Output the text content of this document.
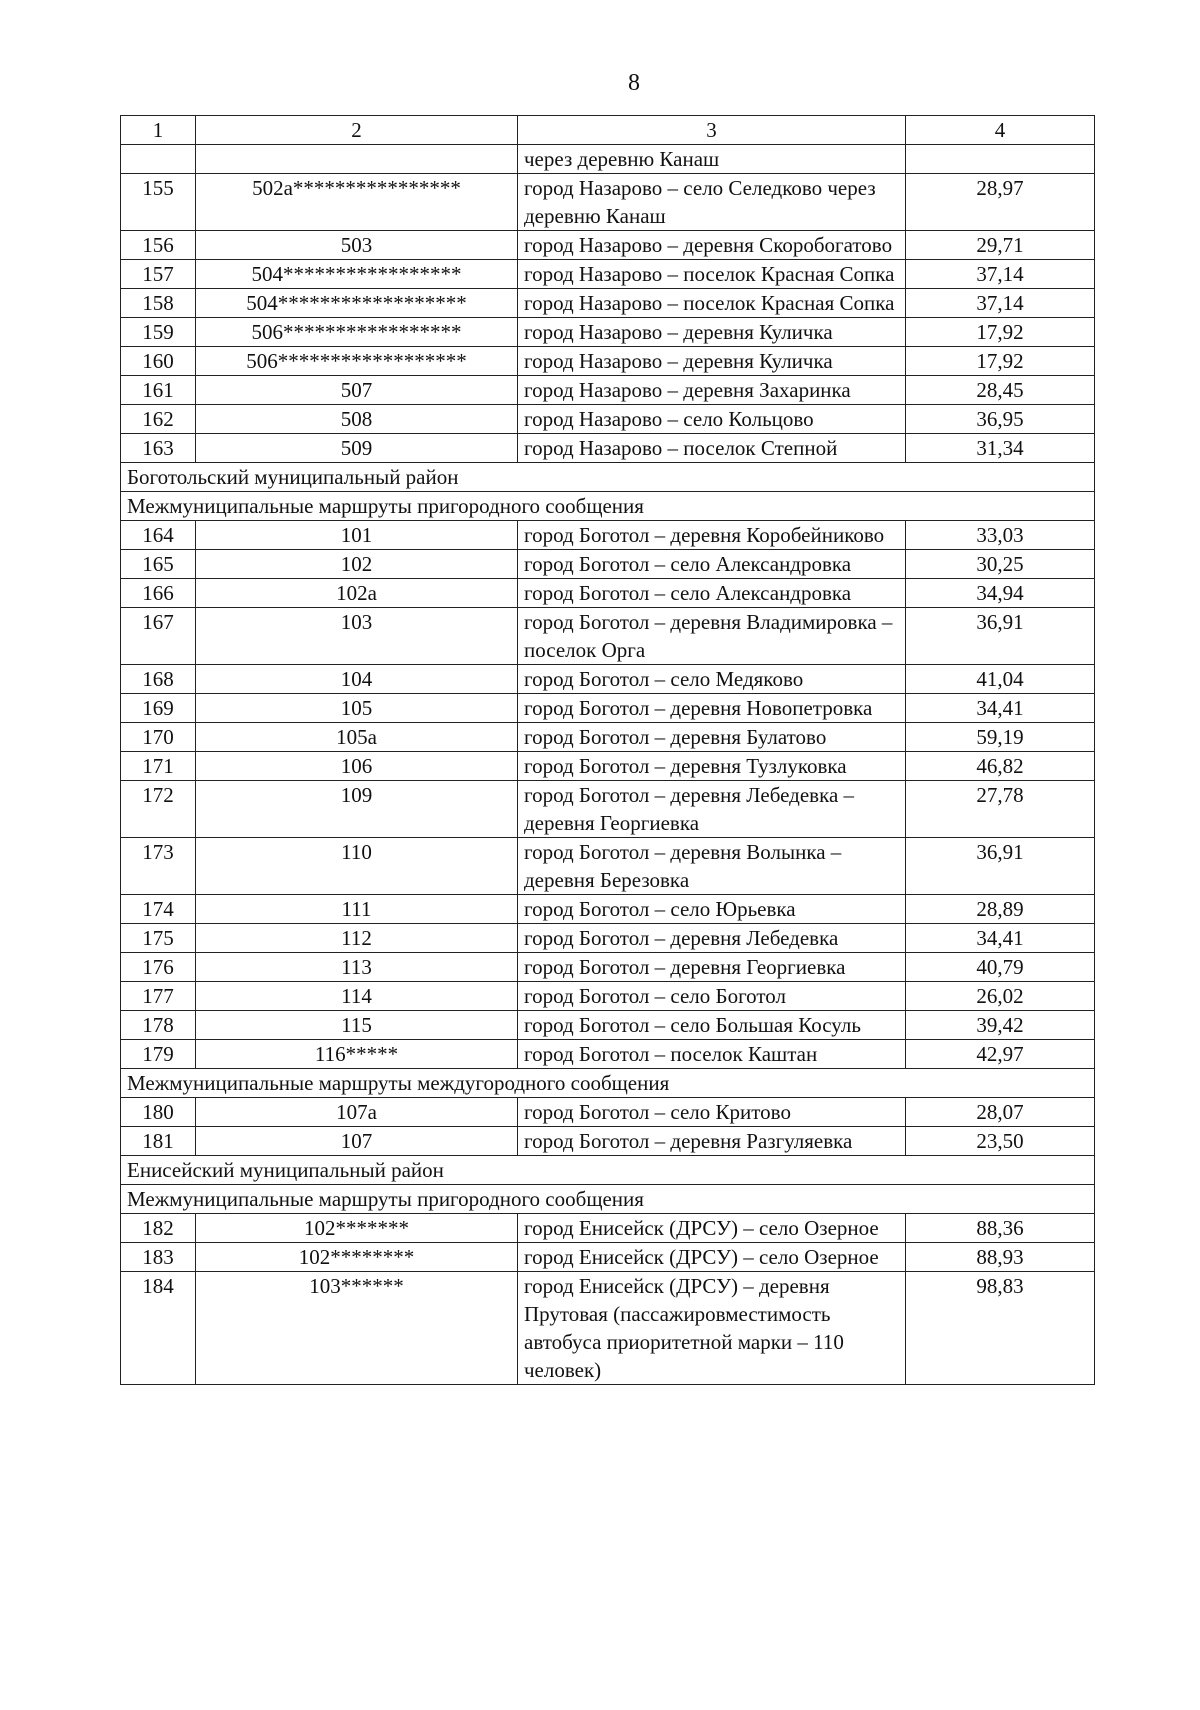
8
1	2	3	4
		через деревню Канаш	
155	502а****************	город Назарово – село Селедково через деревню Канаш	28,97
156	503	город Назарово – деревня Скоробогатово	29,71
157	504*****************	город Назарово – поселок Красная Сопка	37,14
158	504******************	город Назарово – поселок Красная Сопка	37,14
159	506*****************	город Назарово – деревня Куличка	17,92
160	506******************	город Назарово – деревня Куличка	17,92
161	507	город Назарово – деревня Захаринка	28,45
162	508	город Назарово – село Кольцово	36,95
163	509	город Назарово – поселок Степной	31,34
Боготольский муниципальный район			
Межмуниципальные маршруты пригородного сообщения			
164	101	город Боготол – деревня Коробейниково	33,03
165	102	город Боготол – село Александровка	30,25
166	102а	город Боготол – село Александровка	34,94
167	103	город Боготол – деревня Владимировка – поселок Орга	36,91
168	104	город Боготол – село Медяково	41,04
169	105	город Боготол – деревня Новопетровка	34,41
170	105а	город Боготол – деревня Булатово	59,19
171	106	город Боготол – деревня Тузлуковка	46,82
172	109	город Боготол – деревня Лебедевка – деревня Георгиевка	27,78
173	110	город Боготол – деревня Волынка – деревня Березовка	36,91
174	111	город Боготол – село Юрьевка	28,89
175	112	город Боготол – деревня Лебедевка	34,41
176	113	город Боготол – деревня Георгиевка	40,79
177	114	город Боготол – село Боготол	26,02
178	115	город Боготол – село Большая Косуль	39,42
179	116*****	город Боготол – поселок Каштан	42,97
Межмуниципальные маршруты междугородного сообщения			
180	107а	город Боготол – село Критово	28,07
181	107	город Боготол – деревня Разгуляевка	23,50
Енисейский муниципальный район			
Межмуниципальные маршруты пригородного сообщения			
182	102*******	город Енисейск (ДРСУ) – село Озерное	88,36
183	102********	город Енисейск (ДРСУ) – село Озерное	88,93
184	103******	город Енисейск (ДРСУ) – деревня Прутовая (пассажировместимость автобуса приоритетной марки – 110 человек)	98,83
